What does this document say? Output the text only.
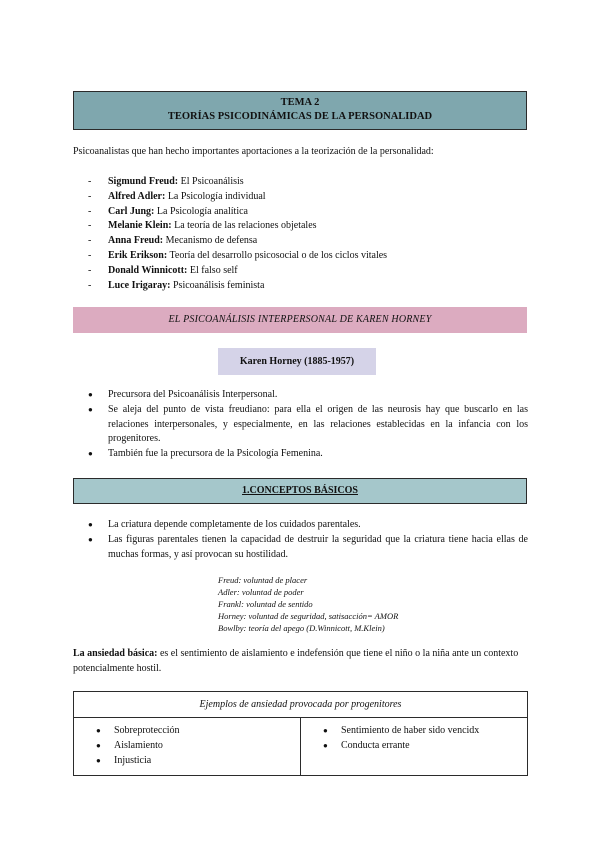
TEMA 2
TEORÍAS PSICODINÁMICAS DE LA PERSONALIDAD

Psicoanalistas que han hecho importantes aportaciones a la teorización de la personalidad:

- Sigmund Freud: El Psicoanálisis
- Alfred Adler: La Psicología individual
- Carl Jung: La Psicología analítica
- Melanie Klein: La teoría de las relaciones objetales
- Anna Freud: Mecanismo de defensa
- Erik Erikson: Teoría del desarrollo psicosocial o de los ciclos vitales
- Donald Winnicott: El falso self
- Luce Irigaray: Psicoanálisis feminista
EL PSICOANÁLISIS INTERPERSONAL DE KAREN HORNEY
Karen Horney (1885-1957)
● Precursora del Psicoanálisis Interpersonal.
● Se aleja del punto de vista freudiano: para ella el origen de las neurosis hay que buscarlo en las relaciones interpersonales, y especialmente, en las relaciones establecidas en la infancia con los progenitores.
● También fue la precursora de la Psicología Femenina.
1.CONCEPTOS BÁSICOS
● La criatura depende completamente de los cuidados parentales.
● Las figuras parentales tienen la capacidad de destruir la seguridad que la criatura tiene hacia ellas de muchas formas, y así provocan su hostilidad.
Freud: voluntad de placer
Adler: voluntad de poder
Frankl: voluntad de sentido
Horney: voluntad de seguridad, satisacción= AMOR
Bowlby: teoría del apego (D.Winnicott, M.Klein)

La ansiedad básica: es el sentimiento de aislamiento e indefensión que tiene el niño o la niña ante un contexto potencialmente hostil.

Ejemplos de ansiedad provocada por progenitores
● Sobreprotección
● Aislamiento
● Injusticia
● Sentimiento de haber sido vencidx
● Conducta errante
